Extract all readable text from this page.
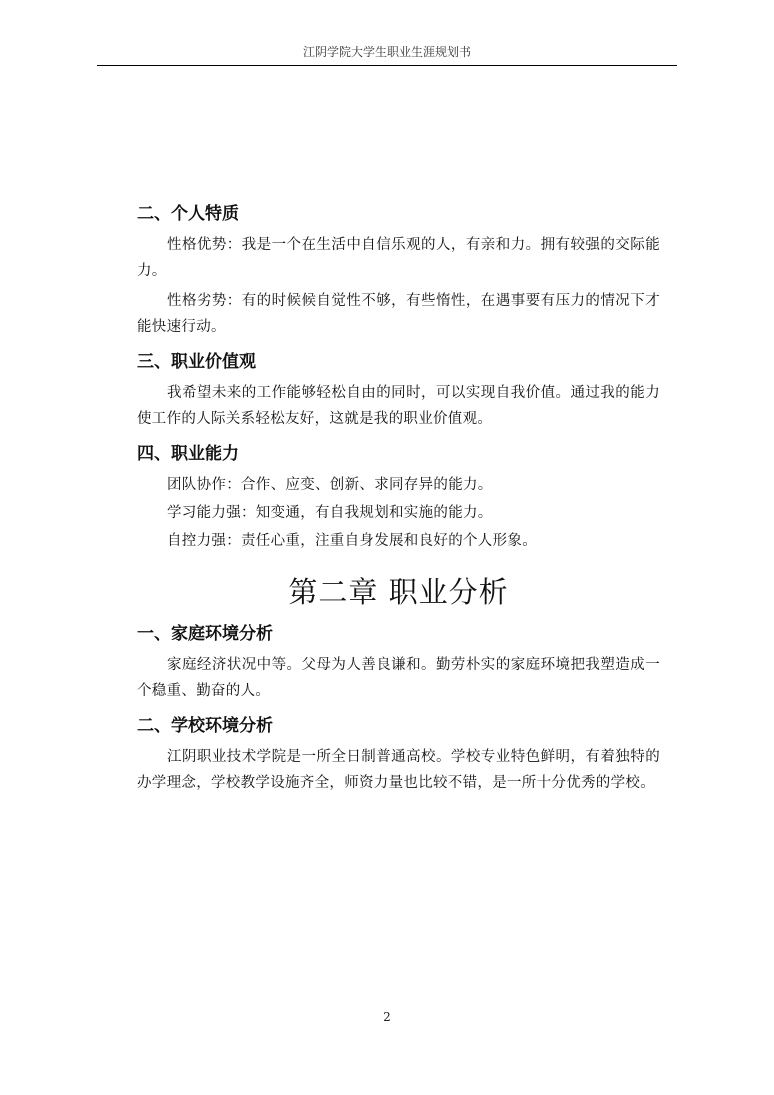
江阴学院大学生职业生涯规划书
二、个人特质

性格优势：我是一个在生活中自信乐观的人，有亲和力。拥有较强的交际能力。

性格劣势：有的时候候自觉性不够，有些惰性，在遇事要有压力的情况下才能快速行动。

三、职业价值观

我希望未来的工作能够轻松自由的同时，可以实现自我价值。通过我的能力使工作的人际关系轻松友好，这就是我的职业价值观。

四、职业能力

团队协作：合作、应变、创新、求同存异的能力。

学习能力强：知变通，有自我规划和实施的能力。

自控力强：责任心重，注重自身发展和良好的个人形象。

第二章 职业分析
一、家庭环境分析

家庭经济状况中等。父母为人善良谦和。勤劳朴实的家庭环境把我塑造成一个稳重、勤奋的人。

二、学校环境分析

江阴职业技术学院是一所全日制普通高校。学校专业特色鲜明，有着独特的办学理念，学校教学设施齐全，师资力量也比较不错，是一所十分优秀的学校。

2
